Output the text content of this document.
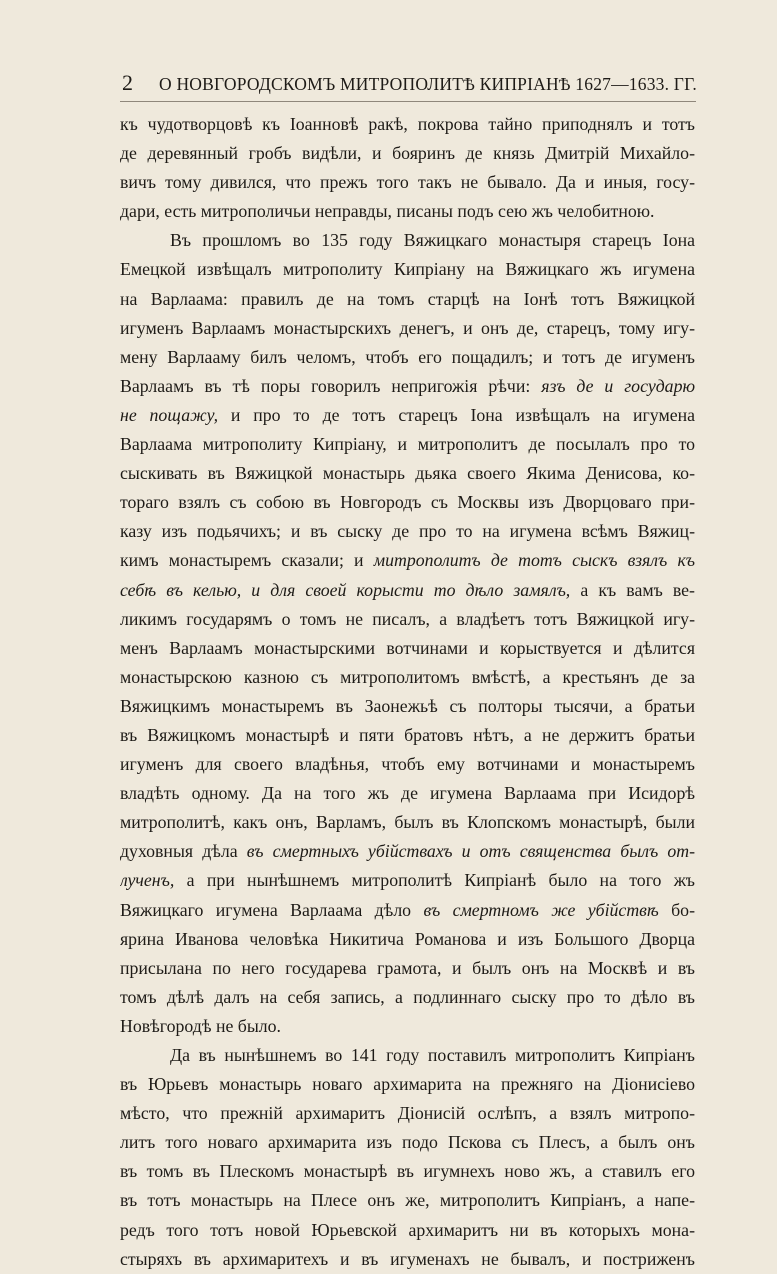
2	О НОВГОРОДСКОМЪ МИТРОПОЛИТѢ КИПРІАНѢ 1627—1633. ГГ.
къ чудотворцовѣ къ Іоанновѣ ракѣ, покрова тайно приподнялъ и тотъ
де деревянный гробъ видѣли, и бояринъ де князь Дмитрій Михайло-
вичъ тому дивился, что прежъ того такъ не бывало. Да и иныя, госу-
дари, есть митрополичьи неправды, писаны подъ сею жъ челобитною.
Въ прошломъ во 135 году Вяжицкаго монастыря старецъ Іона
Емецкой извѣщалъ митрополиту Кипріану на Вяжицкаго жъ игумена
на Варлаама: правилъ де на томъ старцѣ на Іонѣ тотъ Вяжицкой
игуменъ Варлаамъ монастырскихъ денегъ, и онъ де, старецъ, тому игу-
мену Варлааму билъ челомъ, чтобъ его пощадилъ; и тотъ де игуменъ
Варлаамъ въ тѣ поры говорилъ непригожія рѣчи: язъ де и государю
не пощажу, и про то де тотъ старецъ Іона извѣщалъ на игумена
Варлаама митрополиту Кипріану, и митрополитъ де посылалъ про то
сыскивать въ Вяжицкой монастырь дьяка своего Якима Денисова, ко-
тораго взялъ съ собою въ Новгородъ съ Москвы изъ Дворцоваго при-
казу изъ подьячихъ; и въ сыску де про то на игумена всѣмъ Вяжиц-
кимъ монастыремъ сказали; и митрополитъ де тотъ сыскъ взялъ къ
себѣ въ келью, и для своей корысти то дѣло замялъ, а къ вамъ ве-
ликимъ государямъ о томъ не писалъ, а владѣетъ тотъ Вяжицкой игу-
менъ Варлаамъ монастырскими вотчинами и корыствуется и дѣлится
монастырскою казною съ митрополитомъ вмѣстѣ, а крестьянъ де за
Вяжицкимъ монастыремъ въ Заонежьѣ съ полторы тысячи, а братьи
въ Вяжицкомъ монастырѣ и пяти братовъ нѣтъ, а не держитъ братьи
игуменъ для своего владѣнья, чтобъ ему вотчинами и монастыремъ
владѣть одному. Да на того жъ де игумена Варлаама при Исидорѣ
митрополитѣ, какъ онъ, Варламъ, былъ въ Клопскомъ монастырѣ, были
духовныя дѣла въ смертныхъ убійствахъ и отъ священства былъ от-
лученъ, а при нынѣшнемъ митрополитѣ Кипріанѣ было на того жъ
Вяжицкаго игумена Варлаама дѣло въ смертномъ же убійствѣ бо-
ярина Иванова человѣка Никитича Романова и изъ Большого Дворца
присылана по него государева грамота, и былъ онъ на Москвѣ и въ
томъ дѣлѣ далъ на себя запись, а подлиннаго сыску про то дѣло въ
Новѣгородѣ не было.
Да въ нынѣшнемъ во 141 году поставилъ митрополитъ Кипріанъ
въ Юрьевъ монастырь новаго архимарита на прежняго на Діонисіево
мѣсто, что прежній архимаритъ Діонисій ослѣпъ, а взялъ митропо-
литъ того новаго архимарита изъ подо Пскова съ Плесъ, а былъ онъ
въ томъ въ Плескомъ монастырѣ въ игумнехъ ново жъ, а ставилъ его
въ тотъ монастырь на Плесе онъ же, митрополитъ Кипріанъ, а напе-
редъ того тотъ новой Юрьевской архимаритъ ни въ которыхъ мона-
стыряхъ въ архимаритехъ и въ игуменахъ не бывалъ, и постриженъ
